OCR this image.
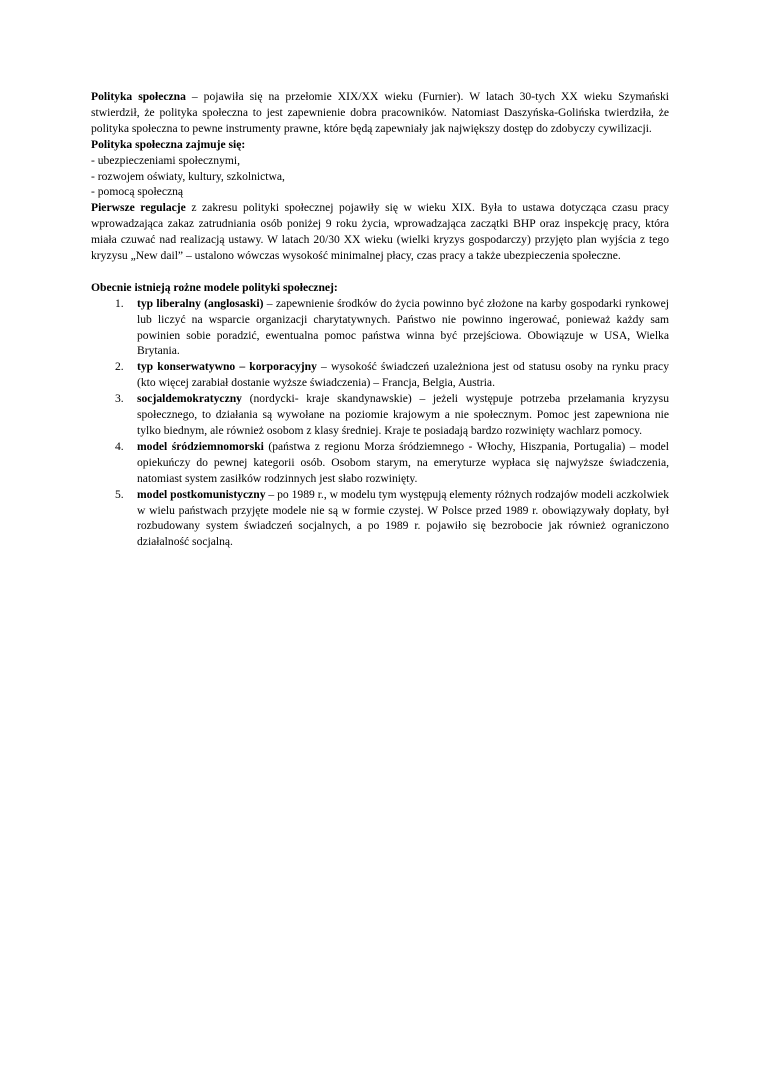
Polityka społeczna – pojawiła się na przełomie XIX/XX wieku (Furnier). W latach 30-tych XX wieku Szymański stwierdził, że polityka społeczna to jest zapewnienie dobra pracowników. Natomiast Daszyńska-Golińska twierdziła, że polityka społeczna to pewne instrumenty prawne, które będą zapewniały jak największy dostęp do zdobyczy cywilizacji.

Polityka społeczna zajmuje się:

- ubezpieczeniami społecznymi,

- rozwojem oświaty, kultury, szkolnictwa,

- pomocą społeczną

Pierwsze regulacje z zakresu polityki społecznej pojawiły się w wieku XIX. Była to ustawa dotycząca czasu pracy wprowadzająca zakaz zatrudniania osób poniżej 9 roku życia, wprowadzająca zaczątki BHP oraz inspekcję pracy, która miała czuwać nad realizacją ustawy. W latach 20/30 XX wieku (wielki kryzys gospodarczy) przyjęto plan wyjścia z tego kryzysu „New dail” – ustalono wówczas wysokość minimalnej płacy, czas pracy a także ubezpieczenia społeczne.

Obecnie istnieją rożne modele polityki społecznej:

1. typ liberalny (anglosaski) – zapewnienie środków do życia powinno być złożone na karby gospodarki rynkowej lub liczyć na wsparcie organizacji charytatywnych. Państwo nie powinno ingerować, ponieważ każdy sam powinien sobie poradzić, ewentualna pomoc państwa winna być przejściowa. Obowiązuje w USA, Wielka Brytania.
2. typ konserwatywno – korporacyjny – wysokość świadczeń uzależniona jest od statusu osoby na rynku pracy (kto więcej zarabiał dostanie wyższe świadczenia) – Francja, Belgia, Austria.
3. socjaldemokratyczny (nordycki- kraje skandynawskie) – jeżeli występuje potrzeba przełamania kryzysu społecznego, to działania są wywołane na poziomie krajowym a nie społecznym. Pomoc jest zapewniona nie tylko biednym, ale również osobom z klasy średniej. Kraje te posiadają bardzo rozwinięty wachlarz pomocy.
4. model śródziemnomorski (państwa z regionu Morza śródziemnego - Włochy, Hiszpania, Portugalia) – model opiekuńczy do pewnej kategorii osób. Osobom starym, na emeryturze wypłaca się najwyższe świadczenia, natomiast system zasiłków rodzinnych jest słabo rozwinięty.
5. model postkomunistyczny – po 1989 r., w modelu tym występują elementy różnych rodzajów modeli aczkolwiek w wielu państwach przyjęte modele nie są w formie czystej. W Polsce przed 1989 r. obowiązywały dopłaty, był rozbudowany system świadczeń socjalnych, a po 1989 r. pojawiło się bezrobocie jak również ograniczono działalność socjalną.
